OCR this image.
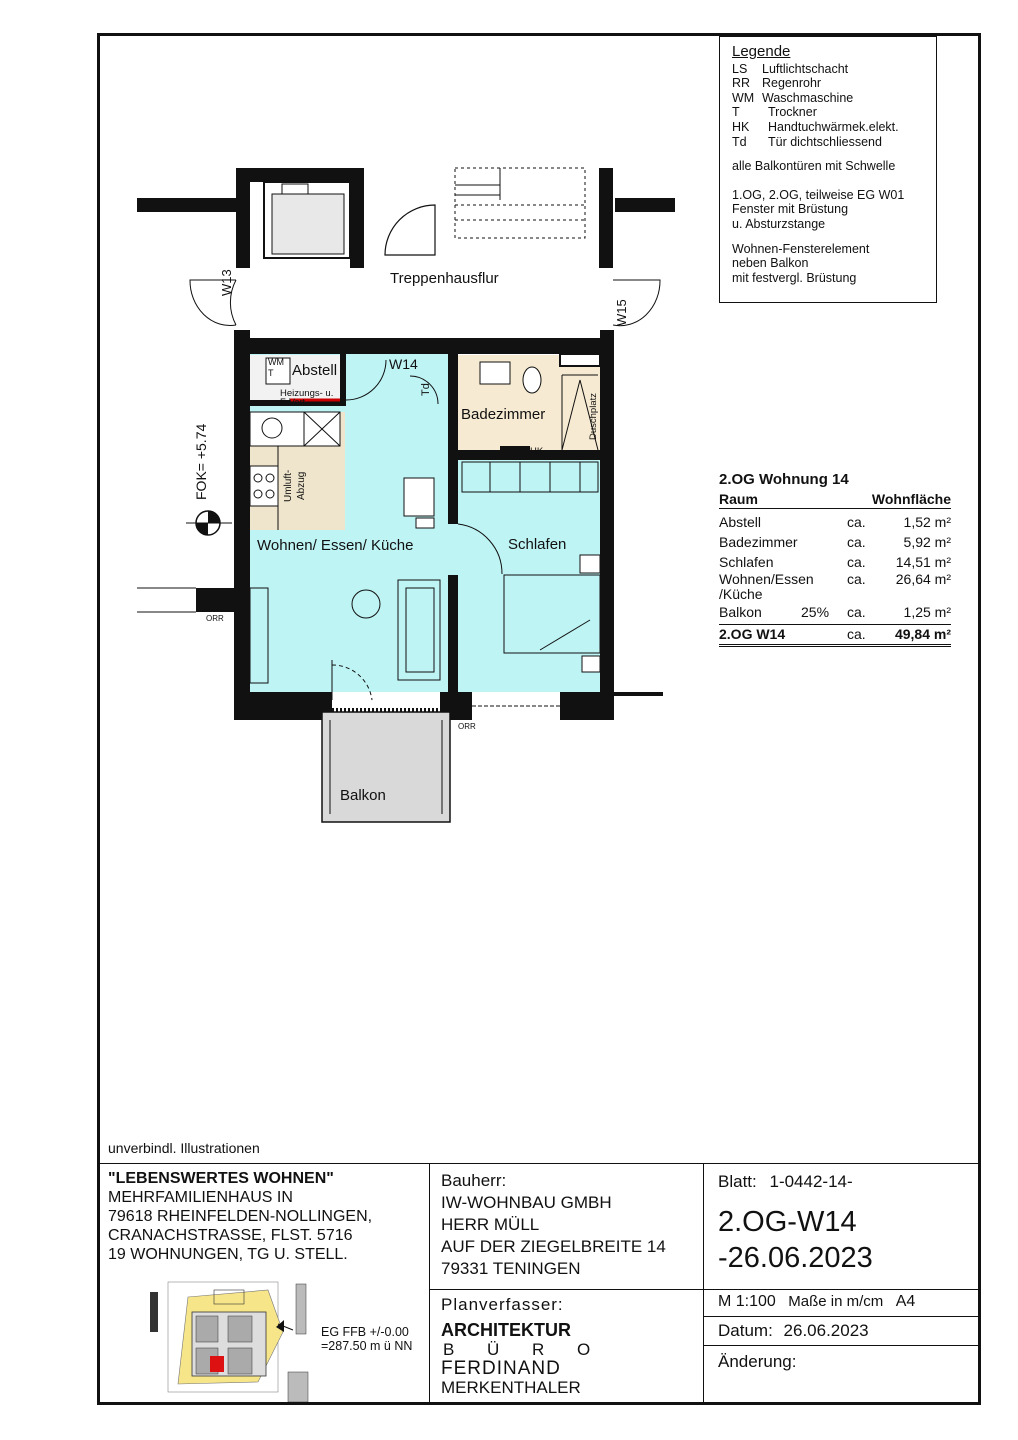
Legende
LS	Luftlichtschacht
RR Regenrohr
WM Waschmaschine
T	Trockner
HK	Handtuchwärmek.elekt.
Td	Tür dichtschliessend
alle Balkontüren mit Schwelle
1.OG, 2.OG, teilweise EG W01
Fenster mit Brüstung
u. Absturzstange
Wohnen-Fensterelement
neben Balkon
mit festvergl. Brüstung
Treppenhausflur
W13
W15
W14
Td
Abstell
WM
T
Heizungs- u.
E-Vert.
Badezimmer	Duschplatz
HK
Umluft- Abzug
Wohnen/ Essen/ Küche	Schlafen
Balkon
FOK= +5.74
ORR
ORR
2.OG Wohnung 14
Raum	Wohnfläche
Abstell	ca.	1,52 m²
Badezimmer	ca.	5,92 m²
Schlafen	ca.	14,51 m²
Wohnen/Essen	ca.	26,64 m²
/Küche
Balkon	25%	ca.	1,25 m²
2.OG W14	ca.	49,84 m²
unverbindl. Illustrationen
"LEBENSWERTES WOHNEN"
MEHRFAMILIENHAUS IN
79618 RHEINFELDEN-NOLLINGEN,
CRANACHSTRASSE, FLST. 5716
19 WOHNUNGEN, TG U. STELL.
EG FFB +/-0.00
=287.50 m ü NN
Bauherr:
IW-WOHNBAU GMBH
HERR MÜLL
AUF DER ZIEGELBREITE 14
79331 TENINGEN
Planverfasser:
ARCHITEKTUR
B Ü R O
FERDINAND
MERKENTHALER
Blatt: 1-0442-14-
2.OG-W14
-26.06.2023
M 1:100 Maße in m/cm A4
Datum: 26.06.2023
Änderung:
